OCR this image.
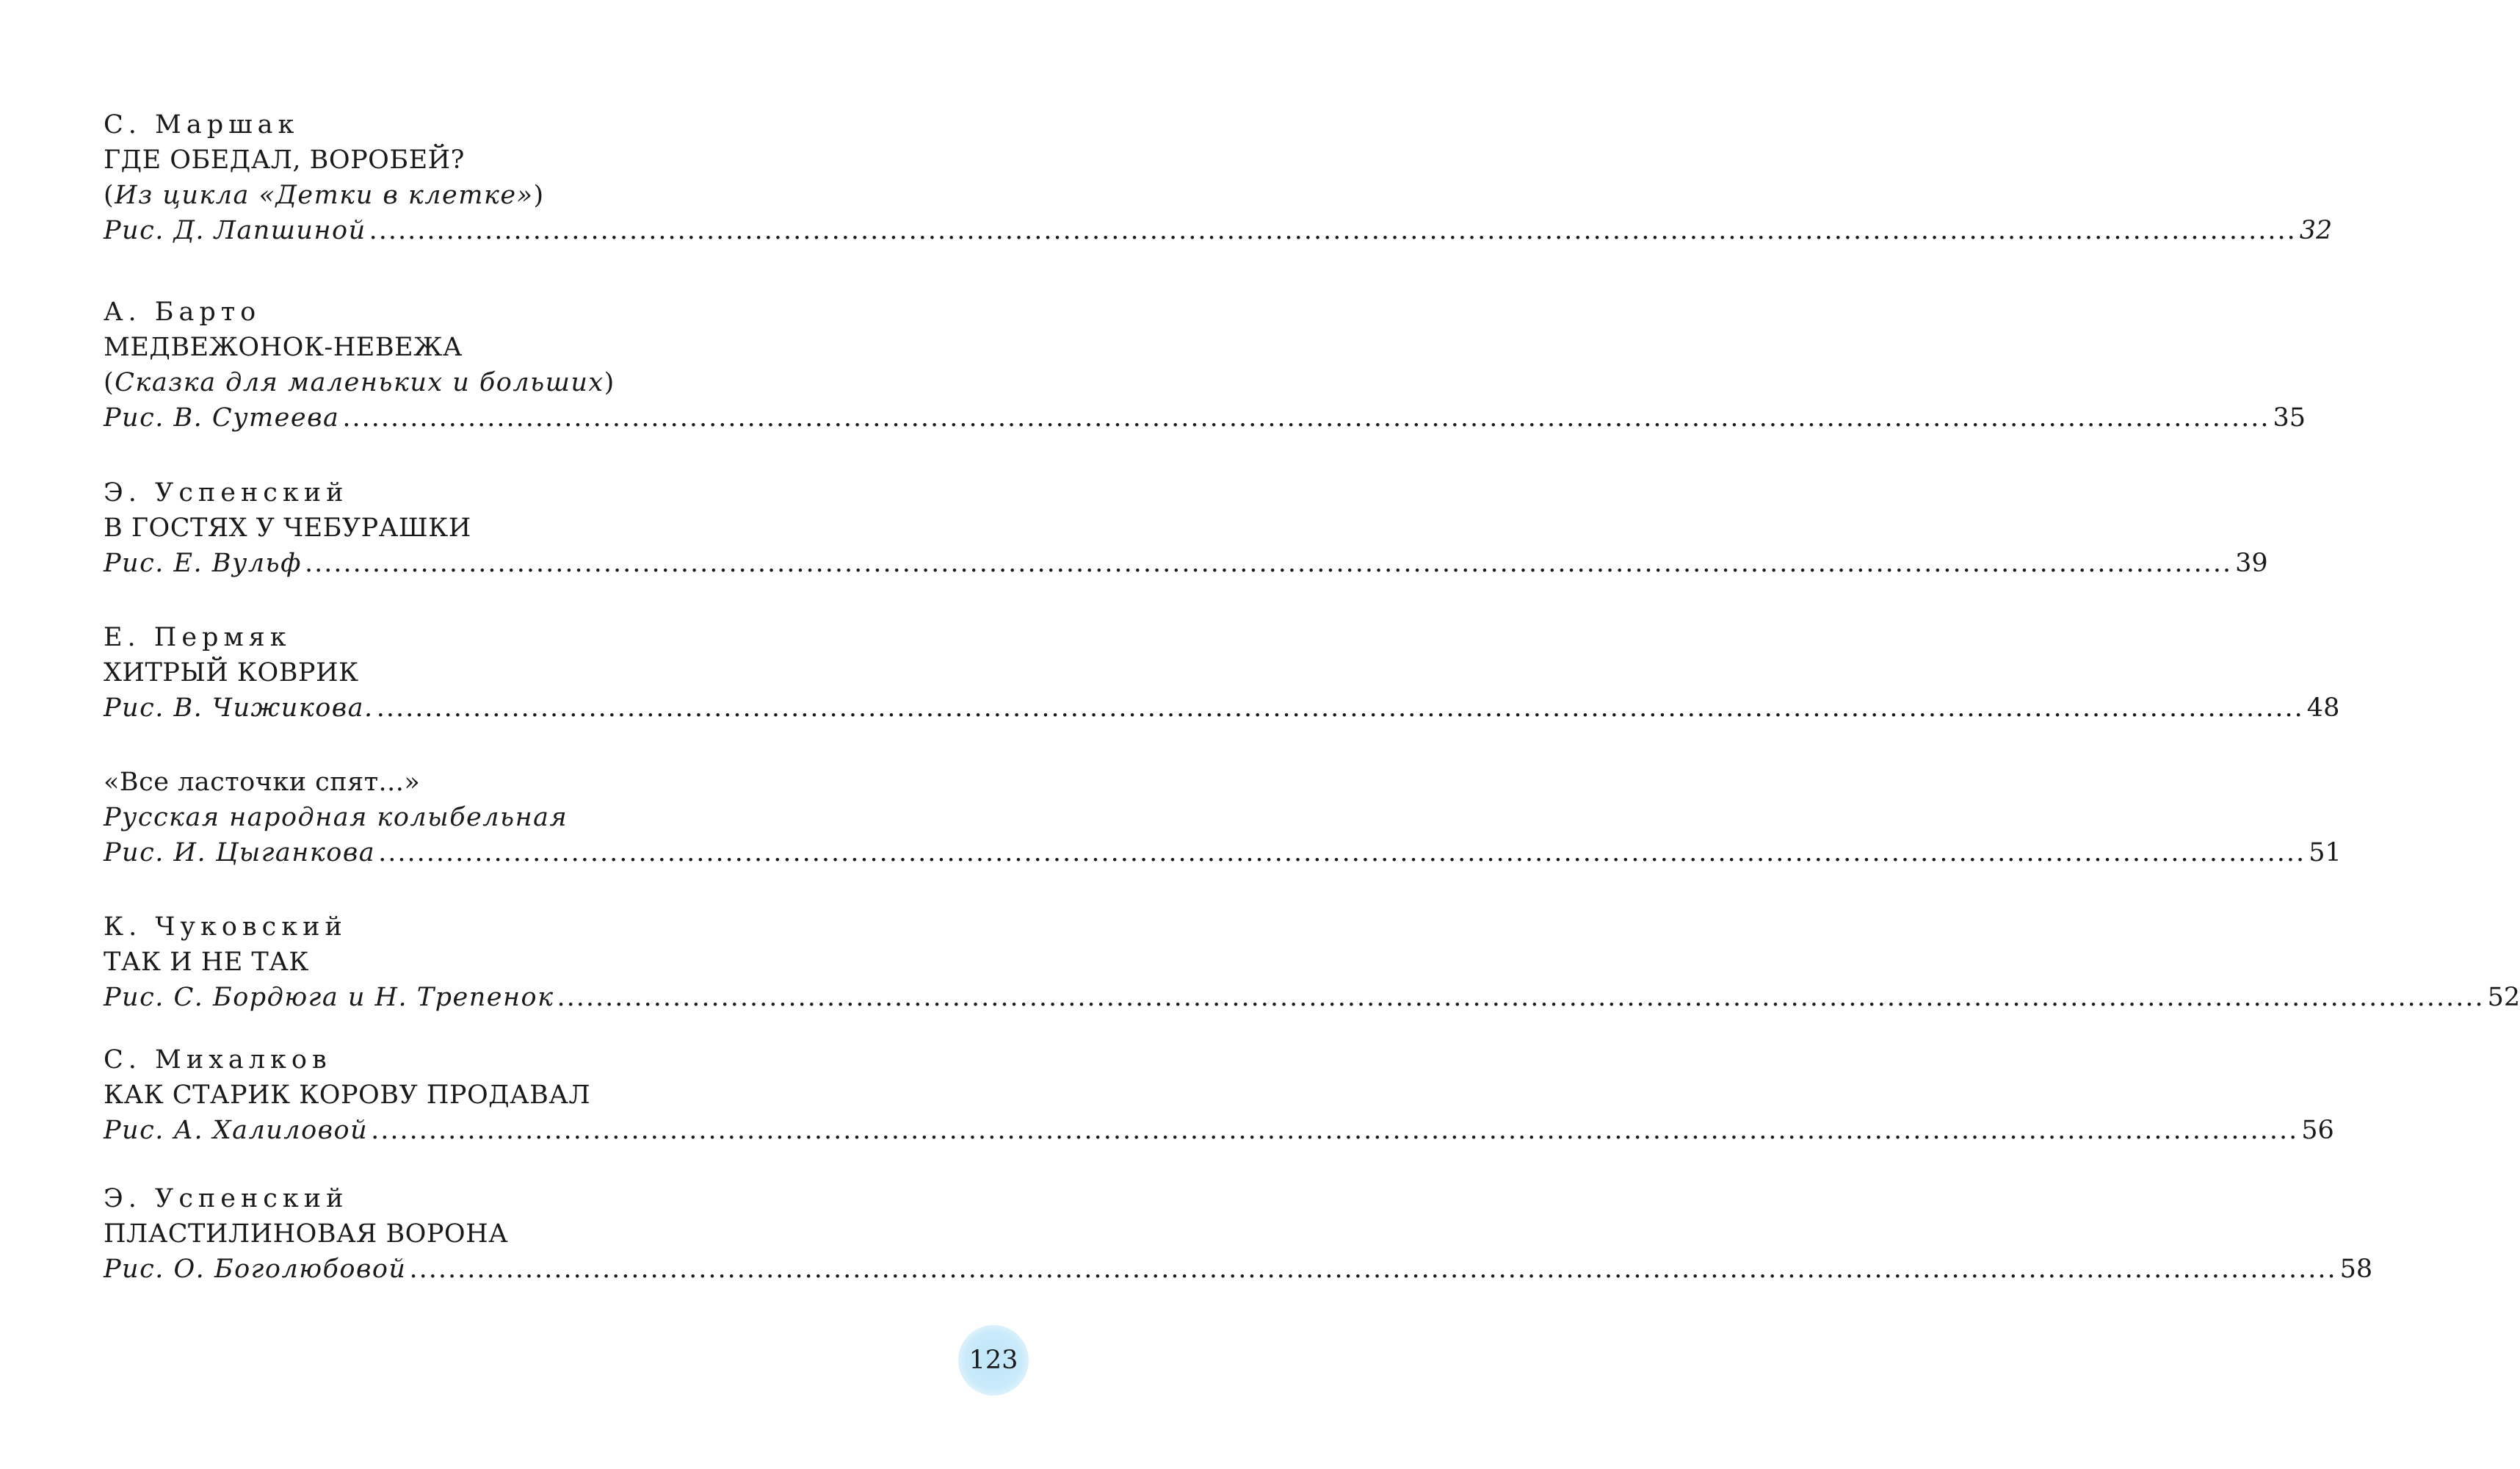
С. Маршак
ГДЕ ОБЕДАЛ, ВОРОБЕЙ?
(Из цикла «Детки в клетке»)
Рис. Д. Лапшиной ........................................................................................................................................................................................................ 32
А. Барто
МЕДВЕЖОНОК-НЕВЕЖА
(Сказка для маленьких и больших)
Рис. В. Сутеева ........................................................................................................................................................................................................ 35
Э. Успенский
В ГОСТЯХ У ЧЕБУРАШКИ
Рис. Е. Вульф ........................................................................................................................................................................................................ 39
Е. Пермяк
ХИТРЫЙ КОВРИК
Рис. В. Чижикова. ........................................................................................................................................................................................................ 48
«Все ласточки спят...»
Русская народная колыбельная
Рис. И. Цыганкова ........................................................................................................................................................................................................ 51
К. Чуковский
ТАК И НЕ ТАК
Рис. С. Бордюга и Н. Трепенок ........................................................................................................................................................................................................ 52
С. Михалков
КАК СТАРИК КОРОВУ ПРОДАВАЛ
Рис. А. Халиловой ........................................................................................................................................................................................................ 56
Э. Успенский
ПЛАСТИЛИНОВАЯ ВОРОНА
Рис. О. Боголюбовой ........................................................................................................................................................................................................ 58
123
